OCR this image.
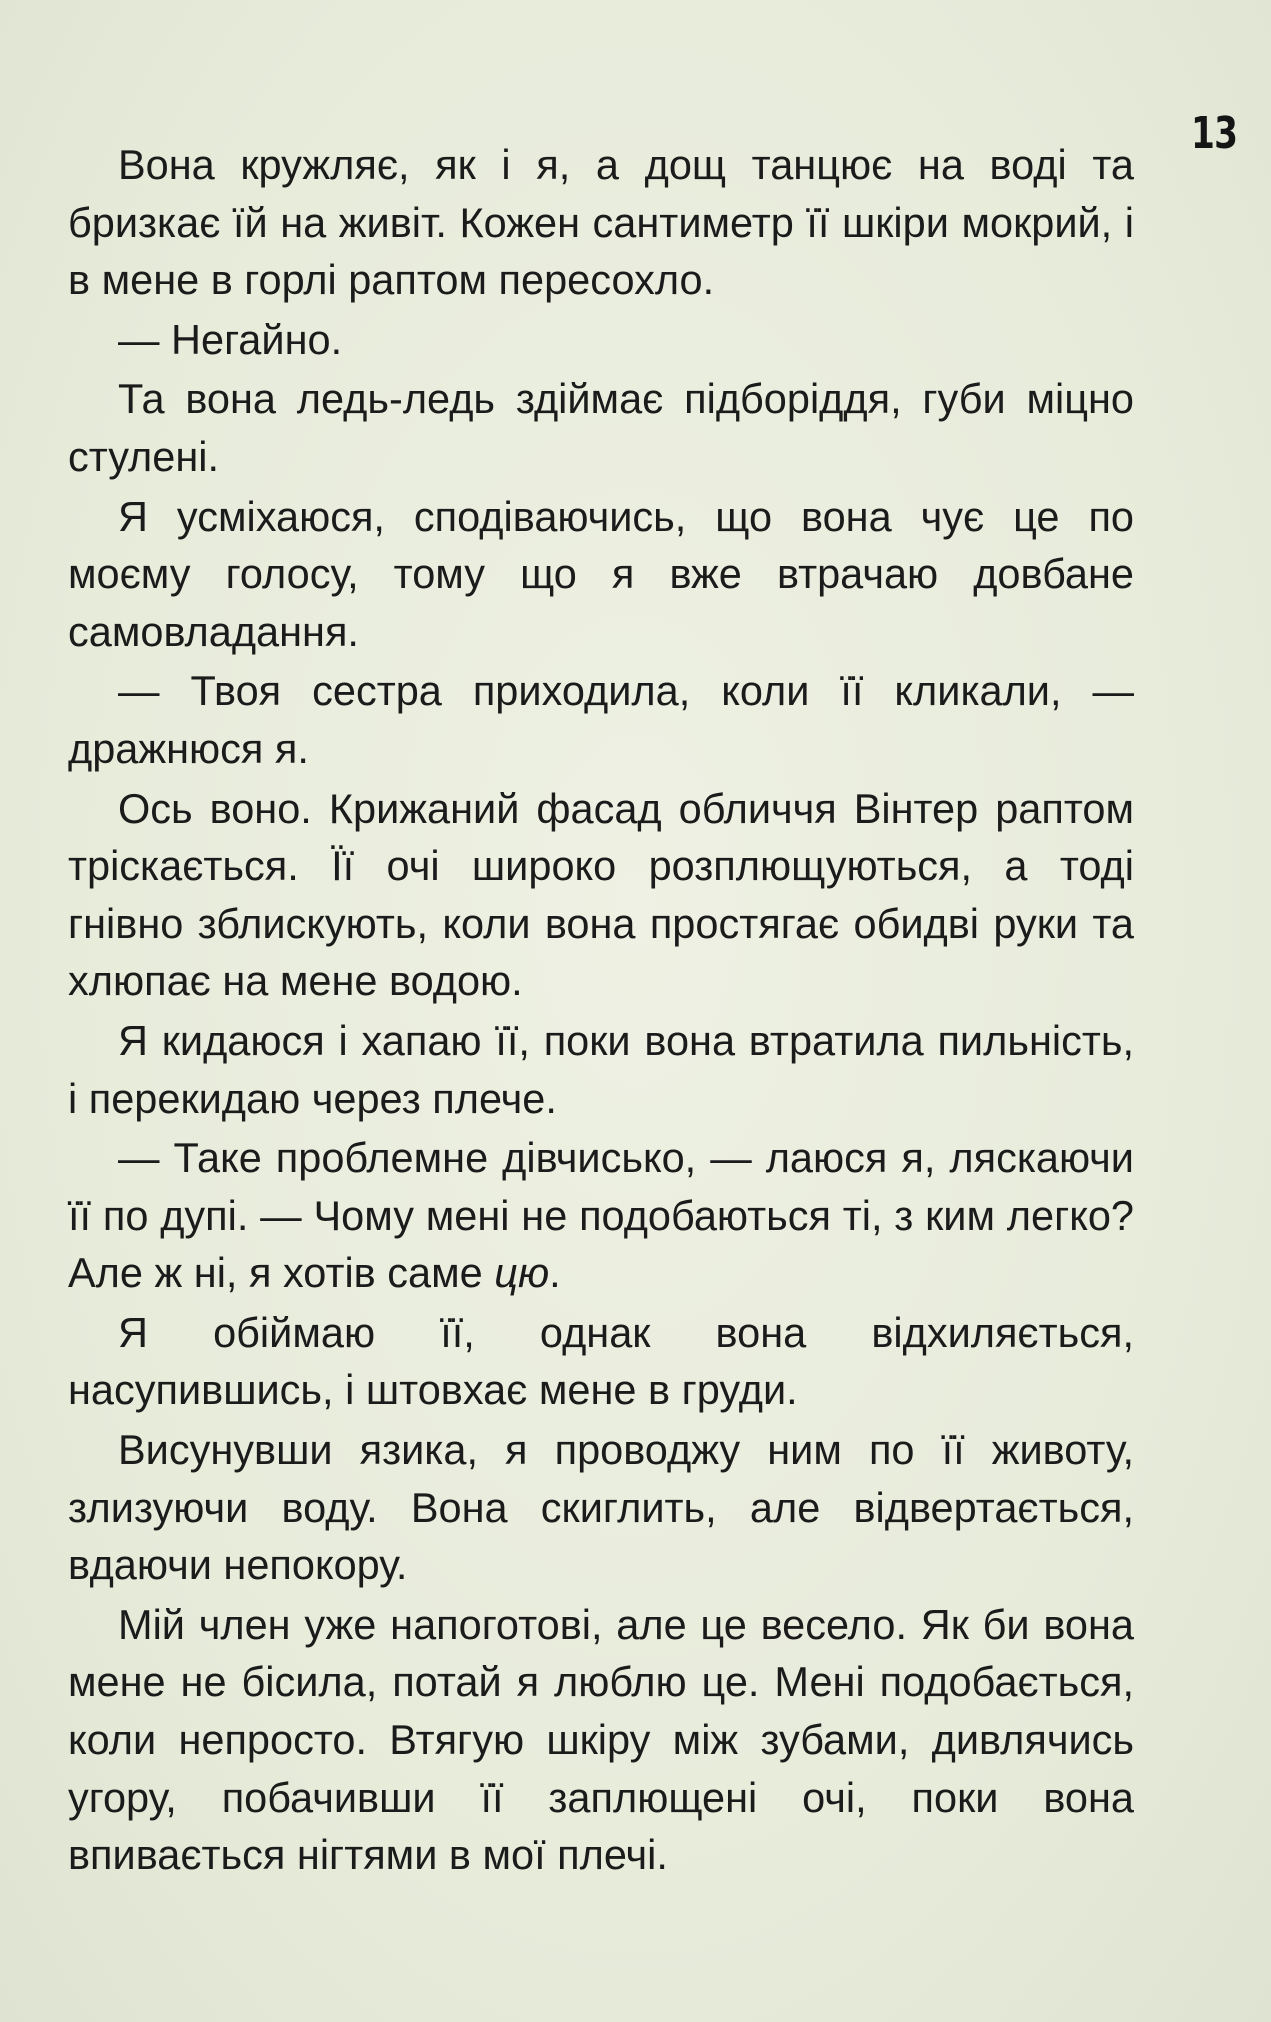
13

Вона кружляє, як і я, а дощ танцює на воді та бризкає їй на живіт. Кожен сантиметр її шкіри мокрий, і в мене в горлі раптом пересохло.

— Негайно.

Та вона ледь-ледь здіймає підборіддя, губи міцно стулені.

Я усміхаюся, сподіваючись, що вона чує це по моєму голосу, тому що я вже втрачаю довбане самовладання.

— Твоя сестра приходила, коли її кликали, — дражнюся я.

Ось воно. Крижаний фасад обличчя Вінтер раптом тріскається. Її очі широко розплющуються, а тоді гнівно зблискують, коли вона простягає обидві руки та хлюпає на мене водою.

Я кидаюся і хапаю її, поки вона втратила пильність, і перекидаю через плече.

— Таке проблемне дівчисько, — лаюся я, ляскаючи її по дупі. — Чому мені не подобаються ті, з ким легко? Але ж ні, я хотів саме цю.

Я обіймаю її, однак вона відхиляється, насупившись, і штовхає мене в груди.

Висунувши язика, я проводжу ним по її животу, злизуючи воду. Вона скиглить, але відвертається, вдаючи непокору.

Мій член уже напоготові, але це весело. Як би вона мене не бісила, потай я люблю це. Мені подобається, коли непросто. Втягую шкіру між зубами, дивлячись угору, побачивши її заплющені очі, поки вона впивається нігтями в мої плечі.
